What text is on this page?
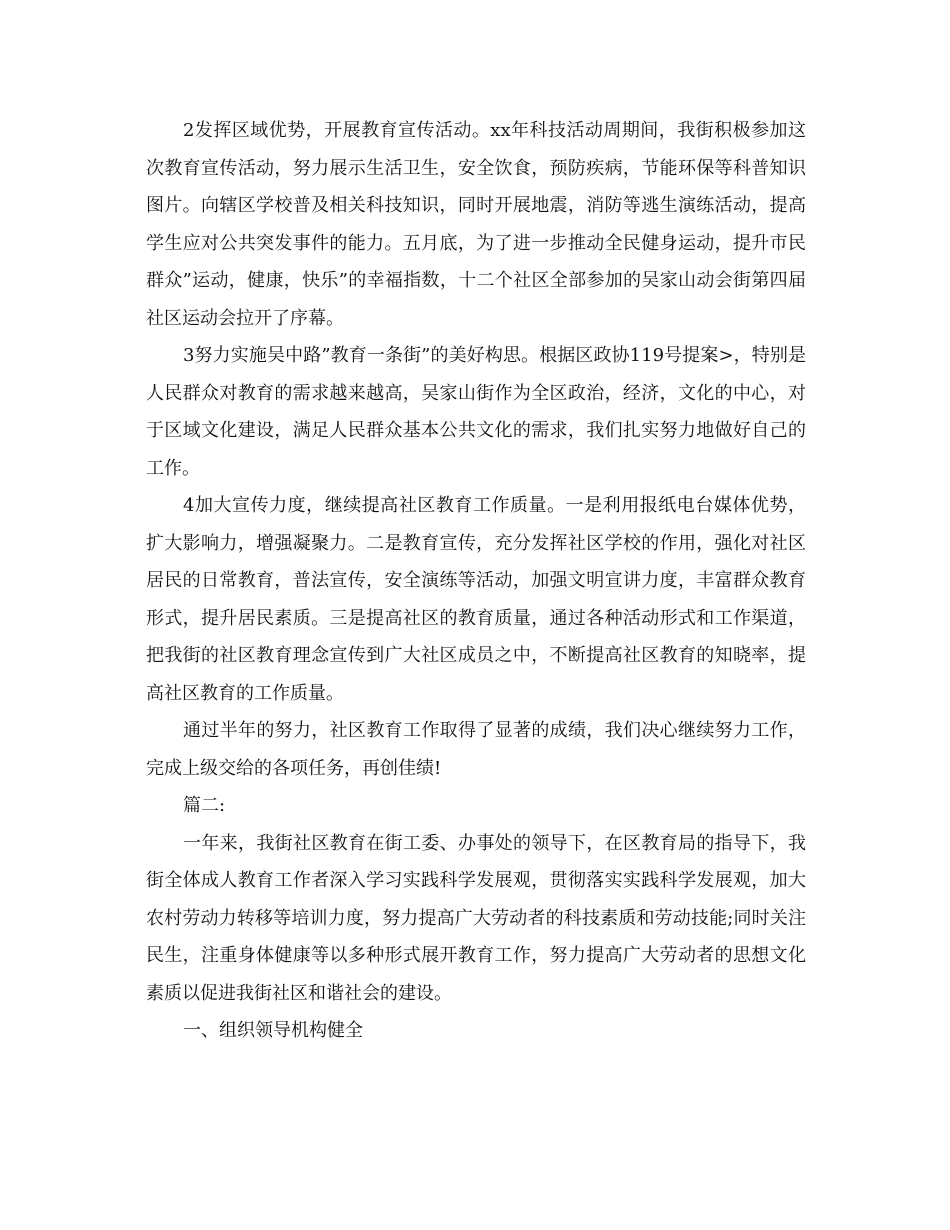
2发挥区域优势，开展教育宣传活动。xx年科技活动周期间，我街积极参加这次教育宣传活动，努力展示生活卫生，安全饮食，预防疾病，节能环保等科普知识图片。向辖区学校普及相关科技知识，同时开展地震，消防等逃生演练活动，提高学生应对公共突发事件的能力。五月底，为了进一步推动全民健身运动，提升市民群众”运动，健康，快乐”的幸福指数，十二个社区全部参加的吴家山动会街第四届社区运动会拉开了序幕。

3努力实施吴中路”教育一条街”的美好构思。根据区政协119号提案>，特别是人民群众对教育的需求越来越高，吴家山街作为全区政治，经济，文化的中心，对于区域文化建设，满足人民群众基本公共文化的需求，我们扎实努力地做好自己的工作。

4加大宣传力度，继续提高社区教育工作质量。一是利用报纸电台媒体优势，扩大影响力，增强凝聚力。二是教育宣传，充分发挥社区学校的作用，强化对社区居民的日常教育，普法宣传，安全演练等活动，加强文明宣讲力度，丰富群众教育形式，提升居民素质。三是提高社区的教育质量，通过各种活动形式和工作渠道，把我街的社区教育理念宣传到广大社区成员之中，不断提高社区教育的知晓率，提高社区教育的工作质量。

通过半年的努力，社区教育工作取得了显著的成绩，我们决心继续努力工作，完成上级交给的各项任务，再创佳绩!

篇二:

一年来，我街社区教育在街工委、办事处的领导下，在区教育局的指导下，我街全体成人教育工作者深入学习实践科学发展观，贯彻落实实践科学发展观，加大农村劳动力转移等培训力度，努力提高广大劳动者的科技素质和劳动技能;同时关注民生，注重身体健康等以多种形式展开教育工作，努力提高广大劳动者的思想文化素质以促进我街社区和谐社会的建设。

一、组织领导机构健全
